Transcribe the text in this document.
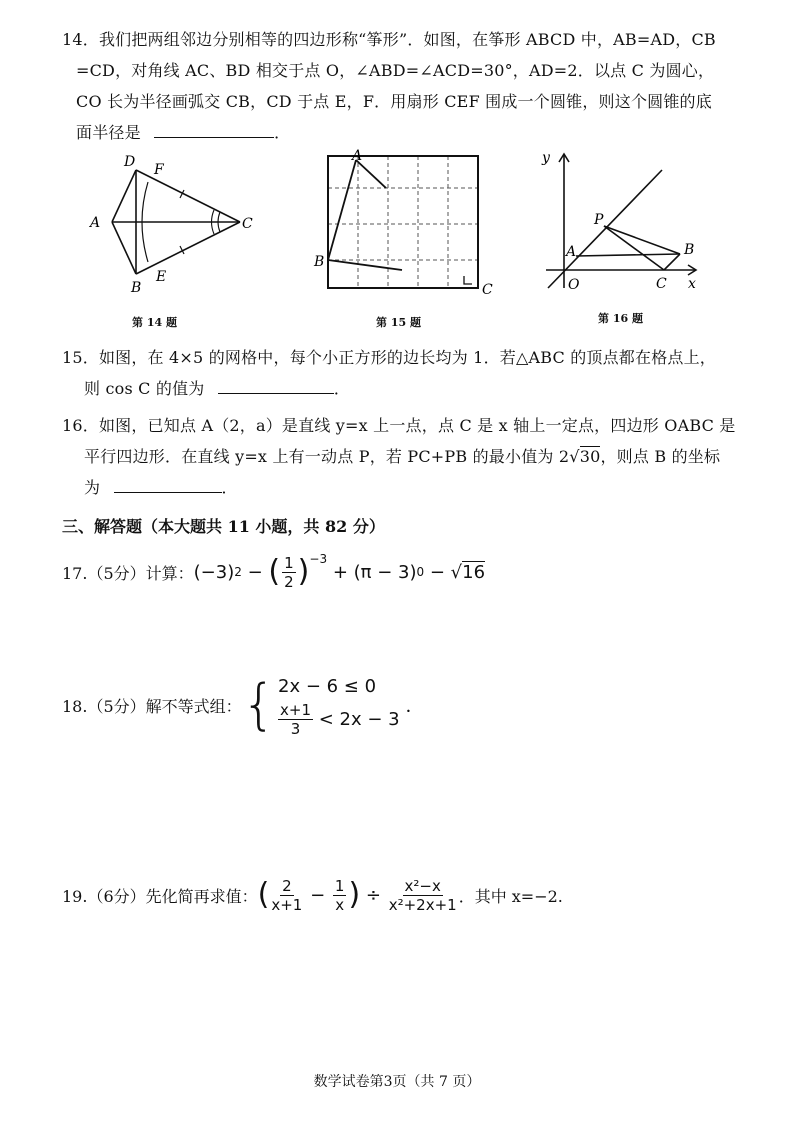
14．我们把两组邻边分别相等的四边形称“筝形”．如图，在筝形 ABCD 中，AB=AD，CB
=CD，对角线 AC、BD 相交于点 O，∠ABD=∠ACD=30°，AD=2．以点 C 为圆心，
CO 长为半径画弧交 CB，CD 于点 E，F．用扇形 CEF 围成一个圆锥，则这个圆锥的底
面半径是	．
A
B
C
D
E
F
第 14 题
A
B
C
第 15 题
y
x
O
A
P
B
C
第 16 题
15．如图，在 4×5 的网格中，每个小正方形的边长均为 1．若△ABC 的顶点都在格点上，
则 cos C 的值为	．
16．如图，已知点 A（2，a）是直线 y=x 上一点，点 C 是 x 轴上一定点，四边形 OABC 是
平行四边形．在直线 y=x 上有一动点 P，若 PC+PB 的最小值为 2√30，则点 B 的坐标
为	．
三、解答题（本大题共 11 小题，共 82 分）
17.（5分）计算： (−3) 2 − ( $\frac{1}{2} )^{-3}$
+ (π − 3) 0 − √ 16
18.（5分）解不等式组： { 2x − 6 ≤ 0
$\frac{x+1}{3} < 2x - 3$
．
19.（6分）先化简再求值： ( $\frac{2}{x+1} - \frac{1}{x}$ ) ÷ $\frac{\text{x²−x}}{\text{x²+2x+1}}$ ．其中 x=−2.
数学试卷第3页（共 7 页）
